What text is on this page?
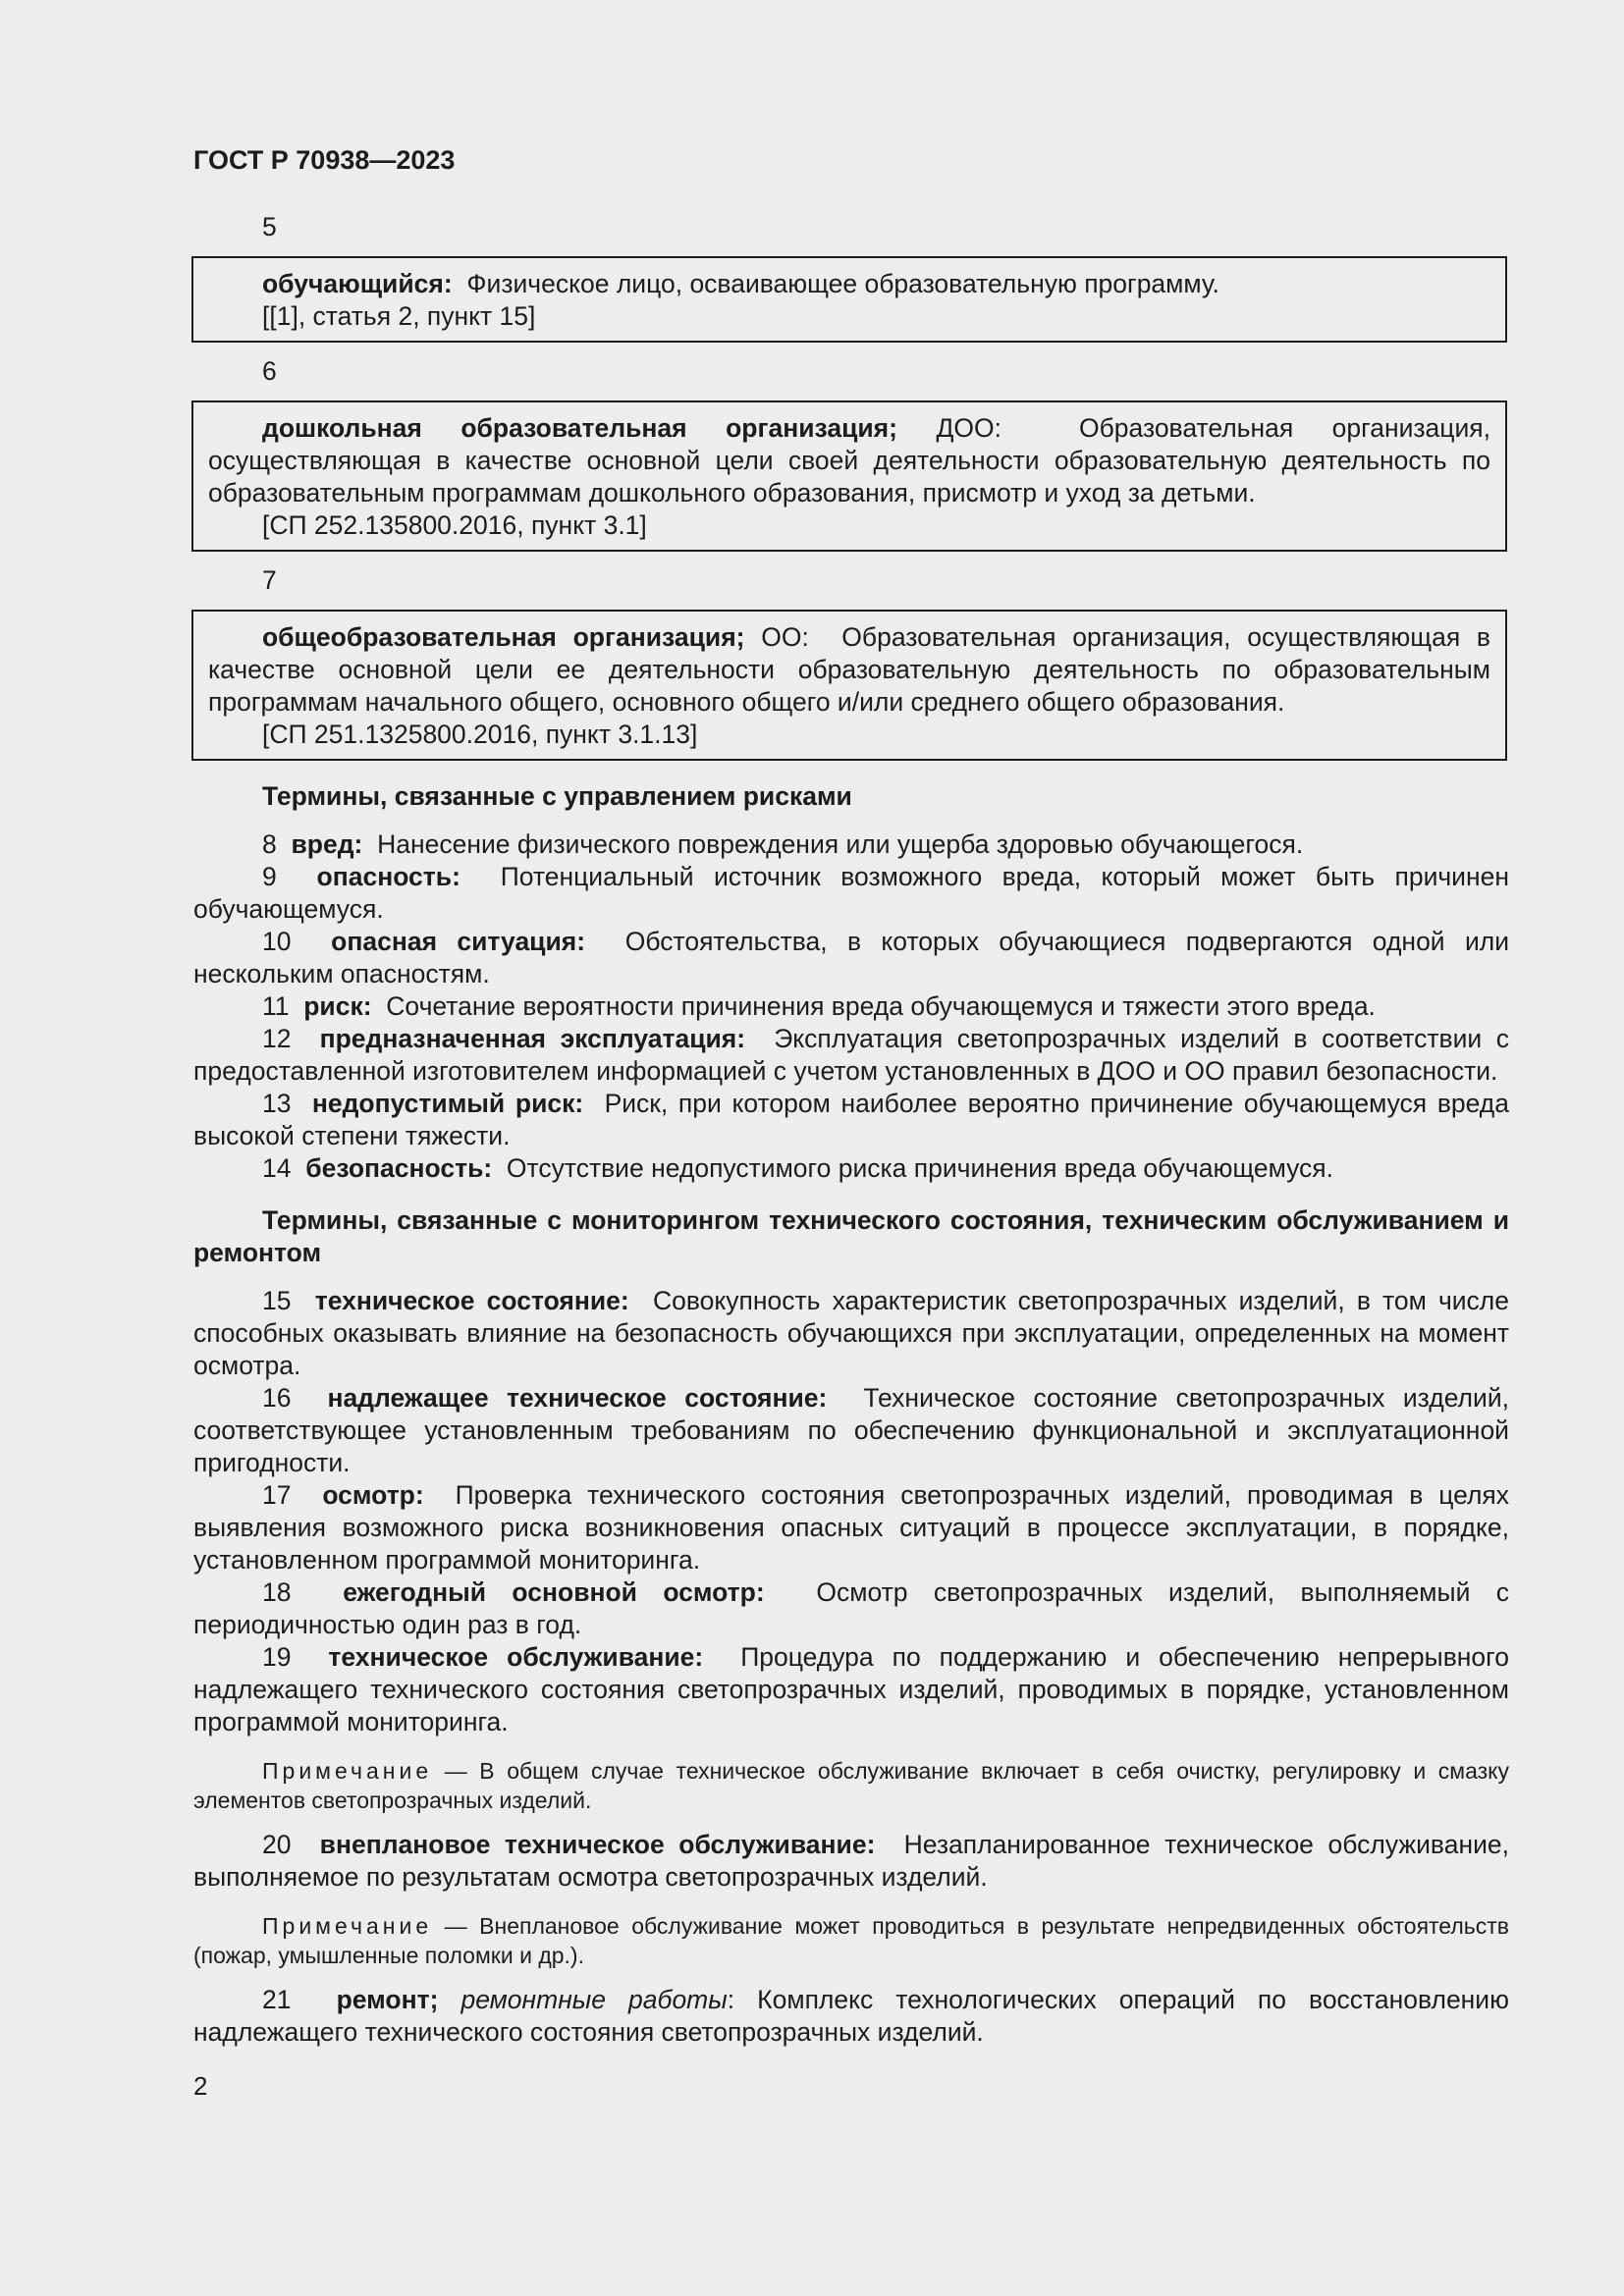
ГОСТ Р 70938—2023
5

обучающийся: Физическое лицо, осваивающее образовательную программу.

[[1], статья 2, пункт 15]

6

дошкольная образовательная организация; ДОО:	Образовательная организация, осуществляющая в качестве основной цели своей деятельности образовательную деятельность по образовательным программам дошкольного образования, присмотр и уход за детьми.

[СП 252.135800.2016, пункт 3.1]

7

общеобразовательная организация; ОО: Образовательная организация, осуществляющая в качестве основной цели ее деятельности образовательную деятельность по образовательным программам начального общего, основного общего и/или среднего общего образования.

[СП 251.1325800.2016, пункт 3.1.13]

Термины, связанные с управлением рисками

8 вред: Нанесение физического повреждения или ущерба здоровью обучающегося.

9 опасность: Потенциальный источник возможного вреда, который может быть причинен обучающемуся.

10 опасная ситуация: Обстоятельства, в которых обучающиеся подвергаются одной или нескольким опасностям.

11 риск: Сочетание вероятности причинения вреда обучающемуся и тяжести этого вреда.

12 предназначенная эксплуатация: Эксплуатация светопрозрачных изделий в соответствии с предоставленной изготовителем информацией с учетом установленных в ДОО и ОО правил безопасности.

13 недопустимый риск: Риск, при котором наиболее вероятно причинение обучающемуся вреда высокой степени тяжести.

14 безопасность: Отсутствие недопустимого риска причинения вреда обучающемуся.

Термины, связанные с мониторингом технического состояния, техническим обслуживанием и ремонтом

15 техническое состояние: Совокупность характеристик светопрозрачных изделий, в том числе способных оказывать влияние на безопасность обучающихся при эксплуатации, определенных на момент осмотра.

16 надлежащее техническое состояние: Техническое состояние светопрозрачных изделий, соответствующее установленным требованиям по обеспечению функциональной и эксплуатационной пригодности.

17 осмотр: Проверка технического состояния светопрозрачных изделий, проводимая в целях выявления возможного риска возникновения опасных ситуаций в процессе эксплуатации, в порядке, установленном программой мониторинга.

18 ежегодный основной осмотр: Осмотр светопрозрачных изделий, выполняемый с периодичностью один раз в год.

19 техническое обслуживание: Процедура по поддержанию и обеспечению непрерывного надлежащего технического состояния светопрозрачных изделий, проводимых в порядке, установленном программой мониторинга.

Примечание — В общем случае техническое обслуживание включает в себя очистку, регулировку и смазку элементов светопрозрачных изделий.

20 внеплановое техническое обслуживание: Незапланированное техническое обслуживание, выполняемое по результатам осмотра светопрозрачных изделий.

Примечание — Внеплановое обслуживание может проводиться в результате непредвиденных обстоятельств (пожар, умышленные поломки и др.).

21 ремонт; ремонтные работы: Комплекс технологических операций по восстановлению надлежащего технического состояния светопрозрачных изделий.

2
